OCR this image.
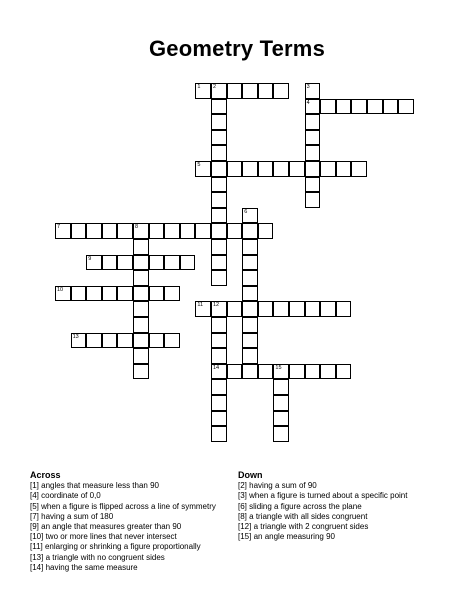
Geometry Terms
1 2	3
4
5
6
7	8
9
10
11 12
14
13
15
Across
[1] angles that measure less than 90
[4] coordinate of 0,0
[5] when a figure is flipped across a line of symmetry
[7] having a sum of 180
[9] an angle that measures greater than 90
[10] two or more lines that never intersect
[11] enlarging or shrinking a figure proportionally
[13] a triangle with no congruent sides
[14] having the same measure
Down
[2] having a sum of 90
[3] when a figure is turned about a specific point
[6] sliding a figure across the plane
[8] a triangle with all sides congruent
[12] a triangle with 2 congruent sides
[15] an angle measuring 90
